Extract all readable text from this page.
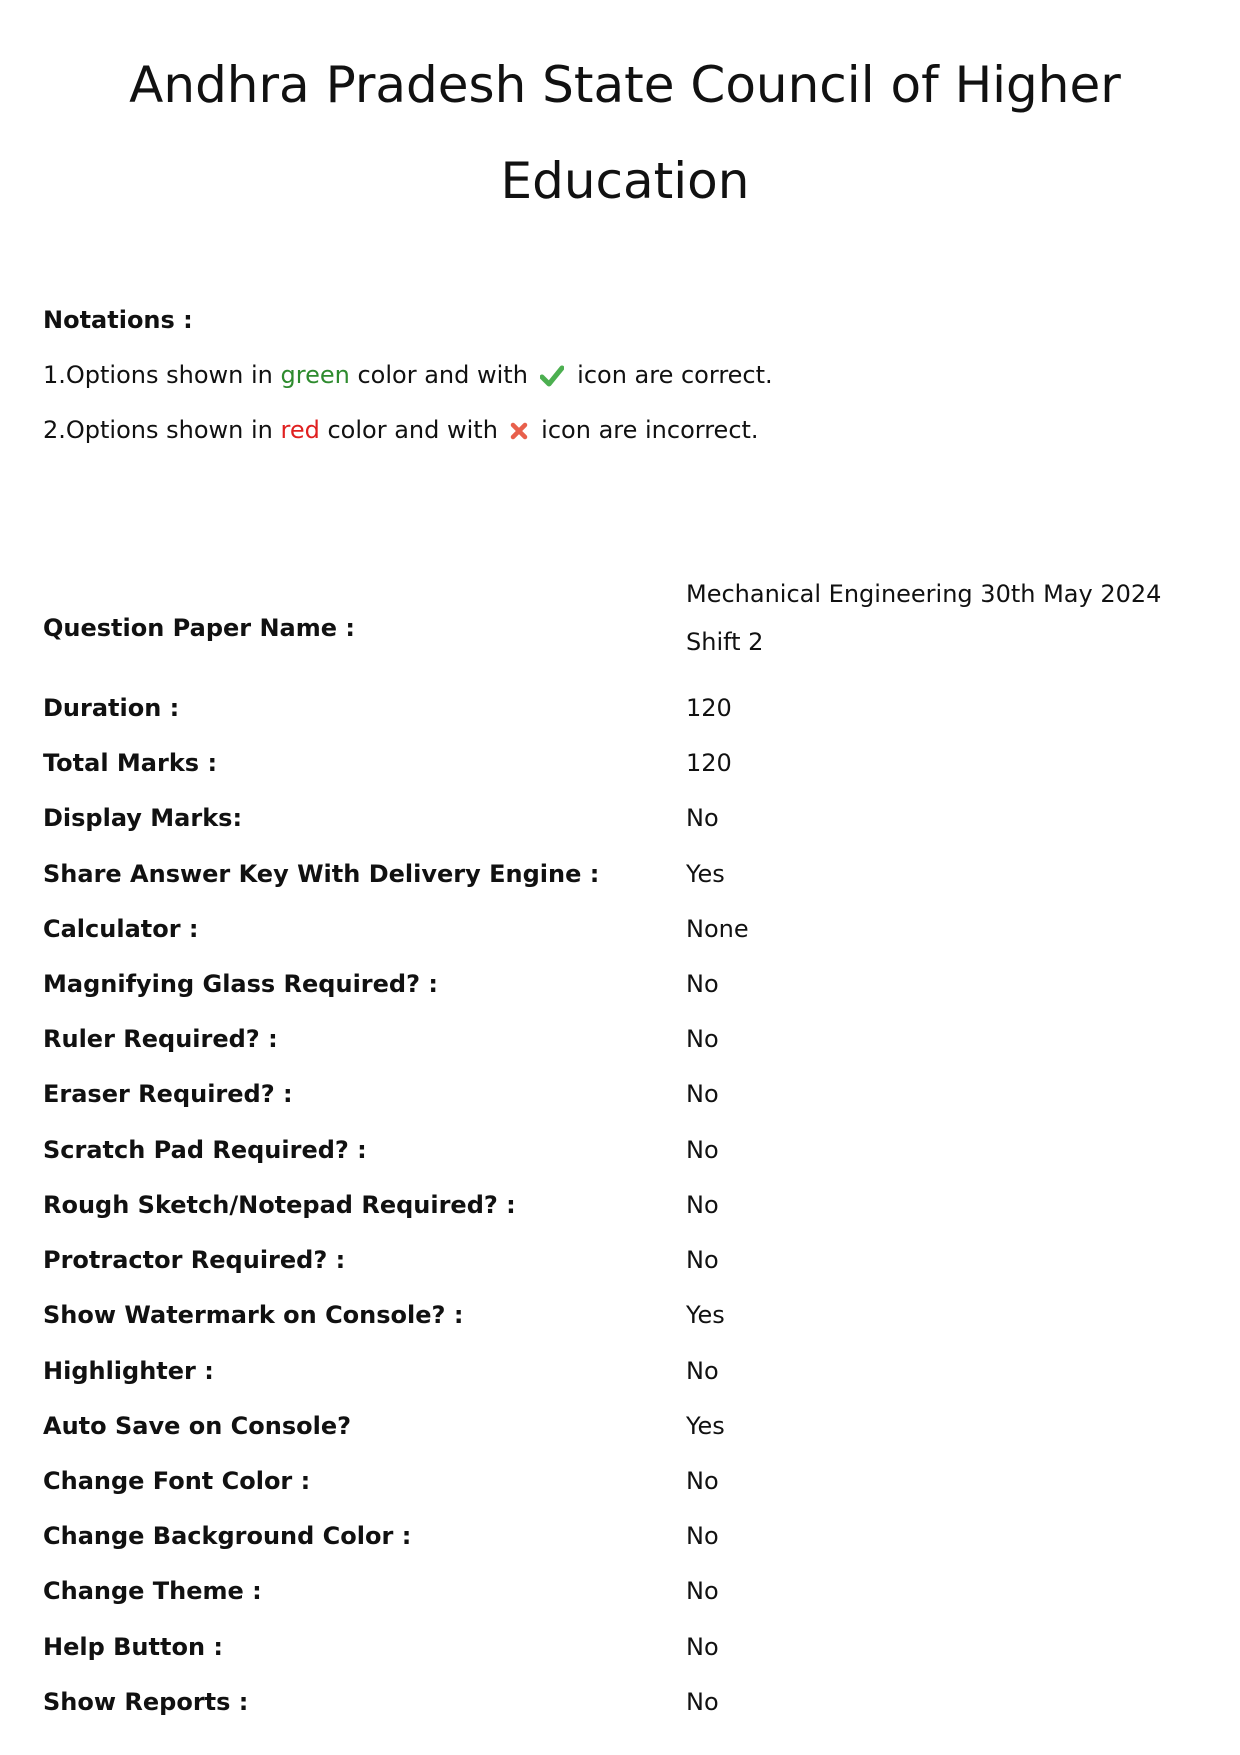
Andhra Pradesh State Council of Higher
Education

Notations :

1.Options shown in green color and with
icon are correct.

2.Options shown in red color and with
icon are incorrect.

Question Paper Name :
Mechanical Engineering 30th May 2024 Shift 2
Duration :	120
Total Marks :	120
Display Marks:	No
Share Answer Key With Delivery Engine :	Yes
Calculator :	None
Magnifying Glass Required? :	No
Ruler Required? :	No
Eraser Required? :	No
Scratch Pad Required? :	No
Rough Sketch/Notepad Required? :	No
Protractor Required? :	No
Show Watermark on Console? :	Yes
Highlighter :	No
Auto Save on Console?	Yes
Change Font Color :	No
Change Background Color :	No
Change Theme :	No
Help Button :	No
Show Reports :	No
